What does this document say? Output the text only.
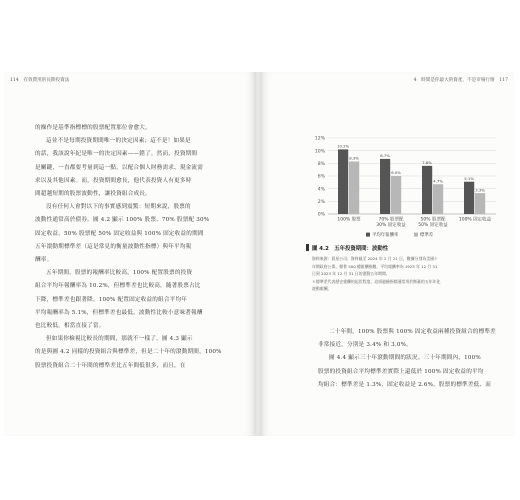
114　有效費用的長期投資法
的操作是基準指標標的股票配置那位會愈大。
這並不是每期投資期間唯一的決定因素；這不是！如果是
的話，我該說年紀是唯一的決定因素——錯了。然而，投資期間
是關鍵，一直都要考量到這一點，以配合個人財務需求、現金流需
求以及其他因素。而，投資期間愈長，他代表投資人有更多時
間超越短期的股票波動性，讓投資組合成長。
沒有任何人會對以下的事實感到震驚：短期來說，股票的
波動性通常高於債券。圖 4.2 顯示 100% 股票、70% 股票配 30%
固定收益、50% 股票配 50% 固定收益與 100% 固定收益的期間
五年滾動期標準差（這是常見的衡量波動性指標）與年平均報
酬率。
五年期間，股票的報酬率比較高，100% 配置股票的投資
組合平均年報酬率為 10.2%，但標準差也比較高，隨著股票占比
下降，標準差也跟著降，100% 配置固定收益的組合平均年
平均報酬率為 5.1%，但標準差也最低，波動性比較小意味著報酬
也比較低，相當直接了當。
但如果你檢視比較長的期間，那就不一樣了。圖 4.3 顯示
的是與圖 4.2 同樣的投資組合與標準差，但是二十年的滾動期間，100%
股票投資組合二十年間的標準差比五年間低很多，而且，在
4　時間是你最大的資產，不是市場行情　117
0%
2%
4%
6%
8%
10%
12%
10.2%
8.7%
7.6%
5.1%
8.3%
6.0%
4.7%
3.3%
100% 股票	70% 股票配
30% 固定收益
50% 股票配
50% 固定收益
100% 固定收益
平均年報酬率	標準差
圖 4.2　五年投資期間：波動性
資料來源：晨星公司；資料截至 2024 年 2 月 21 日，數據分別為美國十
年期政府公債、標普 500 總報酬指數，平均報酬率為 1925 年 12 月 31
日到 2023 年 12 月 31 日的滾動五年期間。
＊標準差代表歷史報酬的起伏程度，這項風險指標通常用於衡量的五年年化
波動報酬。
二十年間，100% 股票與 100% 固定收益兩種投資組合的標準差
非常接近，分別是 3.4% 和 3.0%。
圖 4.4 顯示三十年滾動期間的狀況。三十年期間內，100%
股票的投資組合平均標準差實際上還低於 100% 固定收益的平均
均組合：標準差是 1.3%，固定收益是 2.6%，股票的標準差低、而
